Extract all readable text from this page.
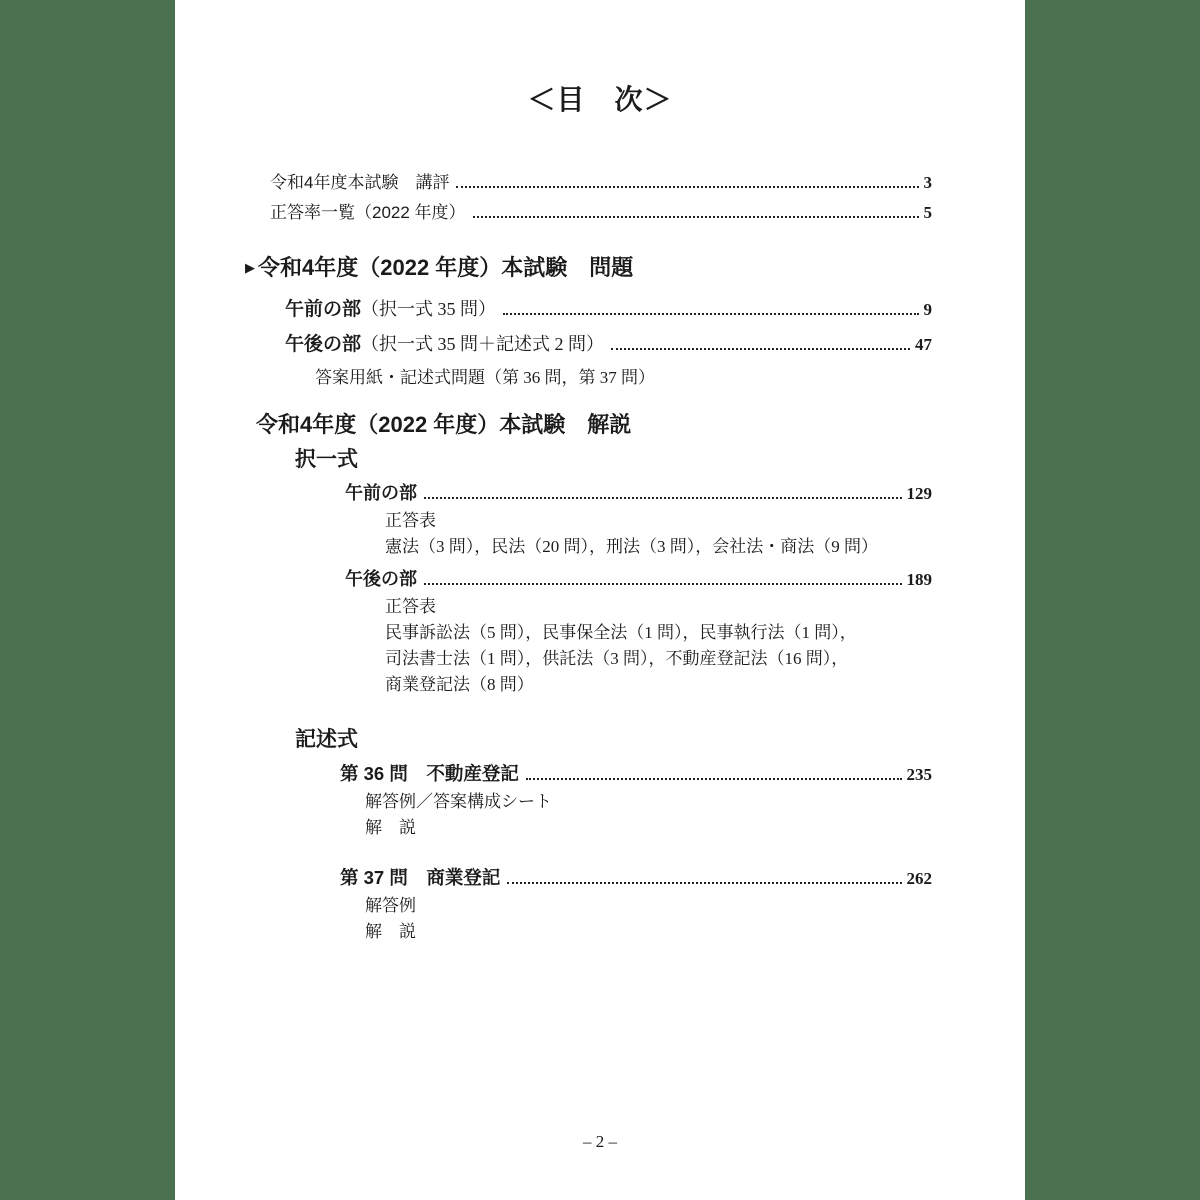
＜目　次＞
令和4年度本試験　講評	3
正答率一覧（2022 年度）	5
▶ 令和4年度（2022 年度）本試験　問題
午前の部 （択一式 35 問）	9
午後の部 （択一式 35 問＋記述式 2 問）	47
答案用紙・記述式問題（第 36 問，第 37 問）
令和4年度（2022 年度）本試験　解説
択一式
午前の部	129
正答表
憲法（3 問），民法（20 問），刑法（3 問），会社法・商法（9 問）
午後の部	189
正答表
民事訴訟法（5 問），民事保全法（1 問），民事執行法（1 問），
司法書士法（1 問），供託法（3 問），不動産登記法（16 問），
商業登記法（8 問）
記述式
第 36 問　不動産登記	235
解答例／答案構成シート
解　説
第 37 問　商業登記	262
解答例
解　説
– 2 –
